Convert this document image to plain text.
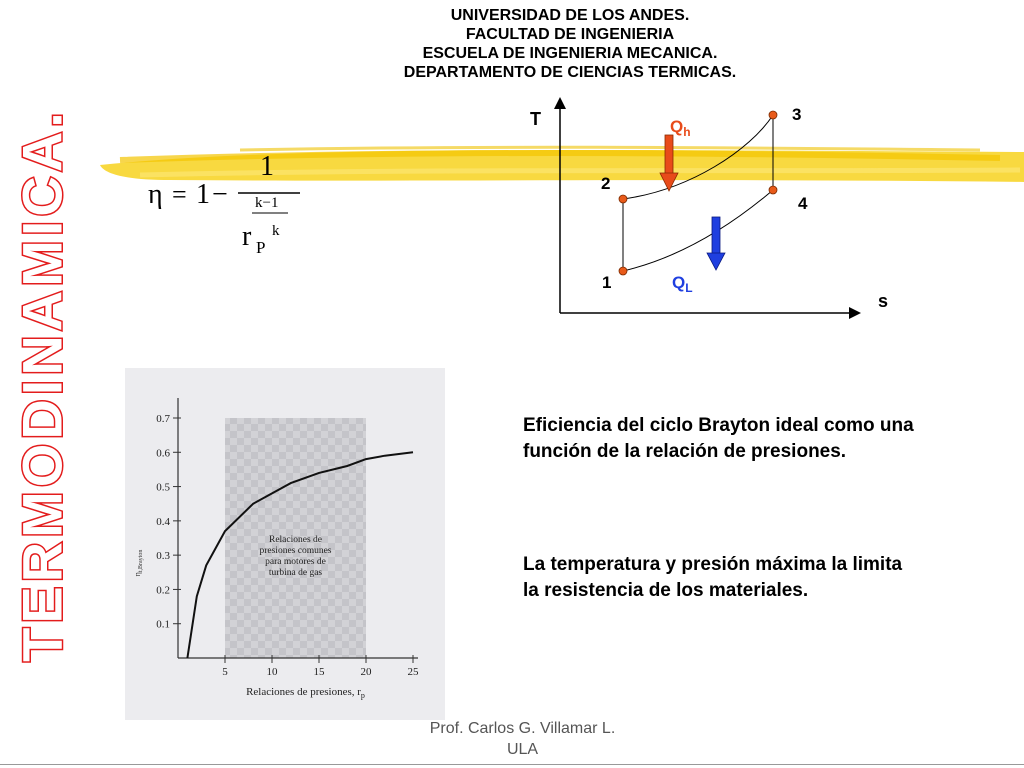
UNIVERSIDAD DE LOS ANDES.
FACULTAD DE INGENIERIA
ESCUELA DE INGENIERIA MECANICA.
DEPARTAMENTO DE CIENCIAS TERMICAS.
TERMODINAMICA.	η = 1 −
1
k−1
r P
k
T
s
1
2
3
4
$Q_h$
$Q_L$
0.1
0.2
0.3
0.4
0.5
0.6
0.7
5	10	15	20	25
Relaciones de
presiones comunes
para motores de
turbina de gas
Relaciones de presiones, $r_p$
$\eta_{t,Brayton}$
Eficiencia del ciclo Brayton ideal como una función de la relación de presiones.
La temperatura y presión máxima la limita la resistencia de los materiales.
Prof. Carlos G. Villamar L.
ULA
